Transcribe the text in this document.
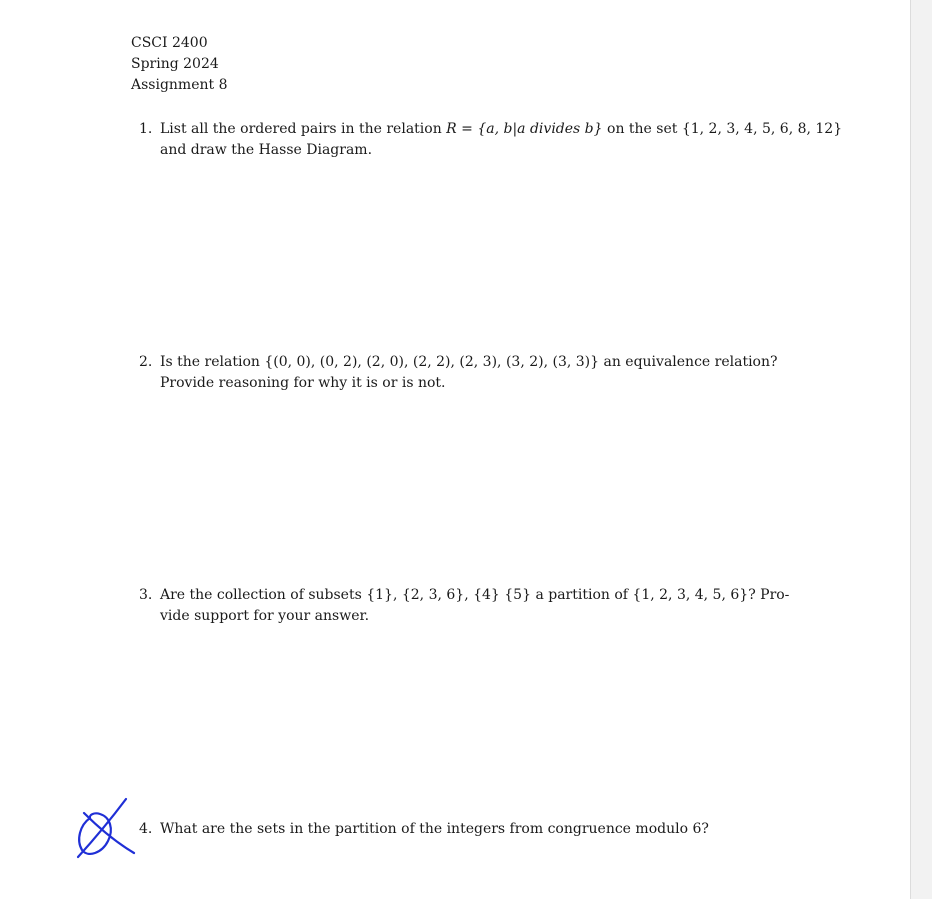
CSCI 2400
Spring 2024
Assignment 8
1. List all the ordered pairs in the relation R = {a, b|a divides b} on the set {1, 2, 3, 4, 5, 6, 8, 12}
and draw the Hasse Diagram.
2. Is the relation {(0, 0), (0, 2), (2, 0), (2, 2), (2, 3), (3, 2), (3, 3)} an equivalence relation?
Provide reasoning for why it is or is not.
3. Are the collection of subsets {1}, {2, 3, 6}, {4} {5} a partition of {1, 2, 3, 4, 5, 6}? Pro-
vide support for your answer.
4. What are the sets in the partition of the integers from congruence modulo 6?
